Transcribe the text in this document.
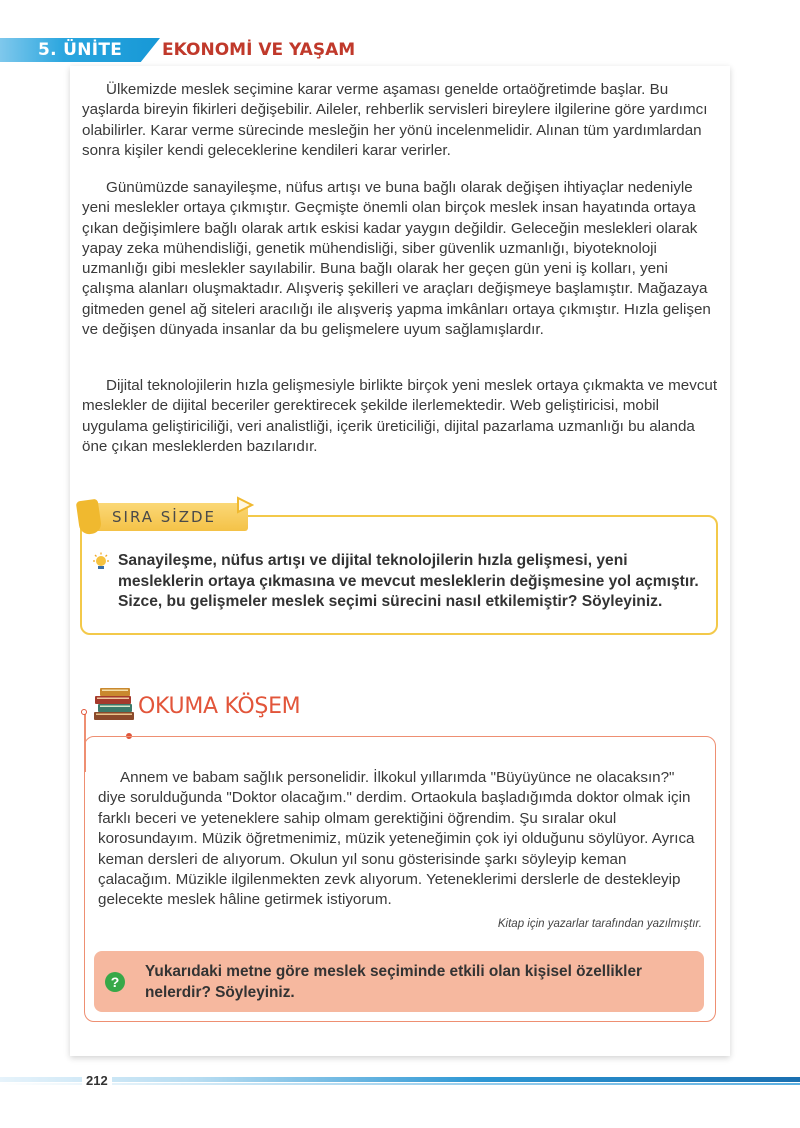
5. ÜNİTE EKONOMİ VE YAŞAM

Ülkemizde meslek seçimine karar verme aşaması genelde ortaöğretimde başlar. Bu yaşlarda bireyin fikirleri değişebilir. Aileler, rehberlik servisleri bireylere ilgilerine göre yardımcı olabilirler. Karar verme sürecinde mesleğin her yönü incelenmelidir. Alınan tüm yardımlardan sonra kişiler kendi geleceklerine kendileri karar verirler.

Günümüzde sanayileşme, nüfus artışı ve buna bağlı olarak değişen ihtiyaçlar nedeniyle yeni meslekler ortaya çıkmıştır. Geçmişte önemli olan birçok meslek insan hayatında ortaya çıkan değişimlere bağlı olarak artık eskisi kadar yaygın değildir. Geleceğin meslekleri olarak yapay zeka mühendisliği, genetik mühendisliği, siber güvenlik uzmanlığı, biyoteknoloji uzmanlığı gibi meslekler sayılabilir. Buna bağlı olarak her geçen gün yeni iş kolları, yeni çalışma alanları oluşmaktadır. Alışveriş şekilleri ve araçları değişmeye başlamıştır. Mağazaya gitmeden genel ağ siteleri aracılığı ile alışveriş yapma imkânları ortaya çıkmıştır. Hızla gelişen ve değişen dünyada insanlar da bu gelişmelere uyum sağlamışlardır.

Dijital teknolojilerin hızla gelişmesiyle birlikte birçok yeni meslek ortaya çıkmakta ve mevcut meslekler de dijital beceriler gerektirecek şekilde ilerlemektedir. Web geliştiricisi, mobil uygulama geliştiriciliği, veri analistliği, içerik üreticiliği, dijital pazarlama uzmanlığı bu alanda öne çıkan mesleklerden bazılarıdır.

SIRA SİZDE

Sanayileşme, nüfus artışı ve dijital teknolojilerin hızla gelişmesi, yeni mesleklerin ortaya çıkmasına ve mevcut mesleklerin değişmesine yol açmıştır. Sizce, bu gelişmeler meslek seçimi sürecini nasıl etkilemiştir? Söyleyiniz.

OKUMA KÖŞEM

Annem ve babam sağlık personelidir. İlkokul yıllarımda "Büyüyünce ne olacaksın?" diye sorulduğunda "Doktor olacağım." derdim. Ortaokula başladığımda doktor olmak için farklı beceri ve yeteneklere sahip olmam gerektiğini öğrendim. Şu sıralar okul korosundayım. Müzik öğretmenimiz, müzik yeteneğimin çok iyi olduğunu söylüyor. Ayrıca keman dersleri de alıyorum. Okulun yıl sonu gösterisinde şarkı söyleyip keman çalacağım. Müzikle ilgilenmekten zevk alıyorum. Yeteneklerimi derslerle de destekleyip gelecekte meslek hâline getirmek istiyorum.

Kitap için yazarlar tarafından yazılmıştır.
?

Yukarıdaki metne göre meslek seçiminde etkili olan kişisel özellikler nelerdir? Söyleyiniz.

212
